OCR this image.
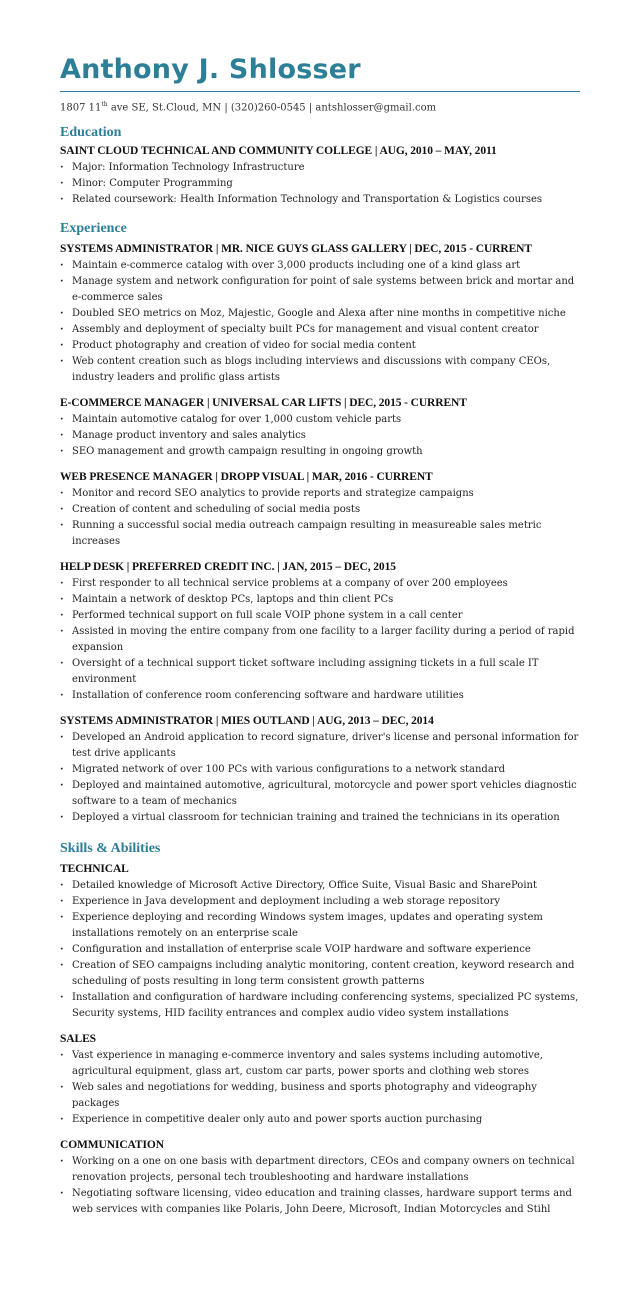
Anthony J. Shlosser
1807 11th ave SE, St.Cloud, MN | (320)260-0545 | antshlosser@gmail.com
Education
SAINT CLOUD TECHNICAL AND COMMUNITY COLLEGE | AUG, 2010 – MAY, 2011
· Major: Information Technology Infrastructure
· Minor: Computer Programming
· Related coursework: Health Information Technology and Transportation & Logistics courses
Experience
SYSTEMS ADMINISTRATOR | MR. NICE GUYS GLASS GALLERY | DEC, 2015 - CURRENT
· Maintain e-commerce catalog with over 3,000 products including one of a kind glass art
· Manage system and network configuration for point of sale systems between brick and mortar and e-commerce sales
· Doubled SEO metrics on Moz, Majestic, Google and Alexa after nine months in competitive niche
· Assembly and deployment of specialty built PCs for management and visual content creator
· Product photography and creation of video for social media content
· Web content creation such as blogs including interviews and discussions with company CEOs, industry leaders and prolific glass artists
E-COMMERCE MANAGER | UNIVERSAL CAR LIFTS | DEC, 2015 - CURRENT
· Maintain automotive catalog for over 1,000 custom vehicle parts
· Manage product inventory and sales analytics
· SEO management and growth campaign resulting in ongoing growth
WEB PRESENCE MANAGER | DROPP VISUAL | MAR, 2016 - CURRENT
· Monitor and record SEO analytics to provide reports and strategize campaigns
· Creation of content and scheduling of social media posts
· Running a successful social media outreach campaign resulting in measureable sales metric increases
HELP DESK | PREFERRED CREDIT INC. | JAN, 2015 – DEC, 2015
· First responder to all technical service problems at a company of over 200 employees
· Maintain a network of desktop PCs, laptops and thin client PCs
· Performed technical support on full scale VOIP phone system in a call center
· Assisted in moving the entire company from one facility to a larger facility during a period of rapid expansion
· Oversight of a technical support ticket software including assigning tickets in a full scale IT environment
· Installation of conference room conferencing software and hardware utilities
SYSTEMS ADMINISTRATOR | MIES OUTLAND | AUG, 2013 – DEC, 2014
· Developed an Android application to record signature, driver's license and personal information for test drive applicants
· Migrated network of over 100 PCs with various configurations to a network standard
· Deployed and maintained automotive, agricultural, motorcycle and power sport vehicles diagnostic software to a team of mechanics
· Deployed a virtual classroom for technician training and trained the technicians in its operation
Skills & Abilities
TECHNICAL
· Detailed knowledge of Microsoft Active Directory, Office Suite, Visual Basic and SharePoint
· Experience in Java development and deployment including a web storage repository
· Experience deploying and recording Windows system images, updates and operating system installations remotely on an enterprise scale
· Configuration and installation of enterprise scale VOIP hardware and software experience
· Creation of SEO campaigns including analytic monitoring, content creation, keyword research and scheduling of posts resulting in long term consistent growth patterns
· Installation and configuration of hardware including conferencing systems, specialized PC systems, Security systems, HID facility entrances and complex audio video system installations
SALES
· Vast experience in managing e-commerce inventory and sales systems including automotive, agricultural equipment, glass art, custom car parts, power sports and clothing web stores
· Web sales and negotiations for wedding, business and sports photography and videography packages
· Experience in competitive dealer only auto and power sports auction purchasing
COMMUNICATION
· Working on a one on one basis with department directors, CEOs and company owners on technical renovation projects, personal tech troubleshooting and hardware installations
· Negotiating software licensing, video education and training classes, hardware support terms and web services with companies like Polaris, John Deere, Microsoft, Indian Motorcycles and Stihl
